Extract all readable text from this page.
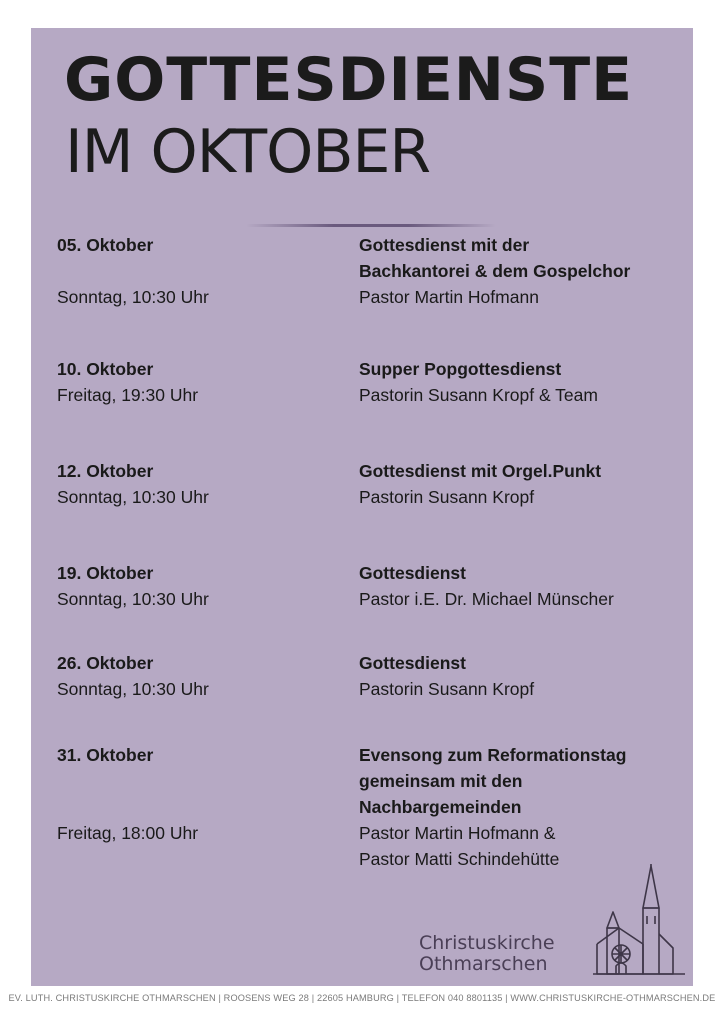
GOTTESDIENSTE
IM OKTOBER
05. Oktober
Sonntag, 10:30 Uhr
Gottesdienst mit der
Bachkantorei & dem Gospelchor
Pastor Martin Hofmann
10. Oktober
Freitag, 19:30 Uhr
Supper Popgottesdienst
Pastorin Susann Kropf & Team
12. Oktober
Sonntag, 10:30 Uhr
Gottesdienst mit Orgel.Punkt
Pastorin Susann Kropf
19. Oktober
Sonntag, 10:30 Uhr
Gottesdienst
Pastor i.E. Dr. Michael Münscher
26. Oktober
Sonntag, 10:30 Uhr
Gottesdienst
Pastorin Susann Kropf
31. Oktober
Freitag, 18:00 Uhr
Evensong zum Reformationstag
gemeinsam mit den
Nachbargemeinden
Pastor Martin Hofmann &
Pastor Matti Schindehütte
Christuskirche
Othmarschen
EV. LUTH. CHRISTUSKIRCHE OTHMARSCHEN | ROOSENS WEG 28 | 22605 HAMBURG | TELEFON 040 8801135 | WWW.CHRISTUSKIRCHE-OTHMARSCHEN.DE
